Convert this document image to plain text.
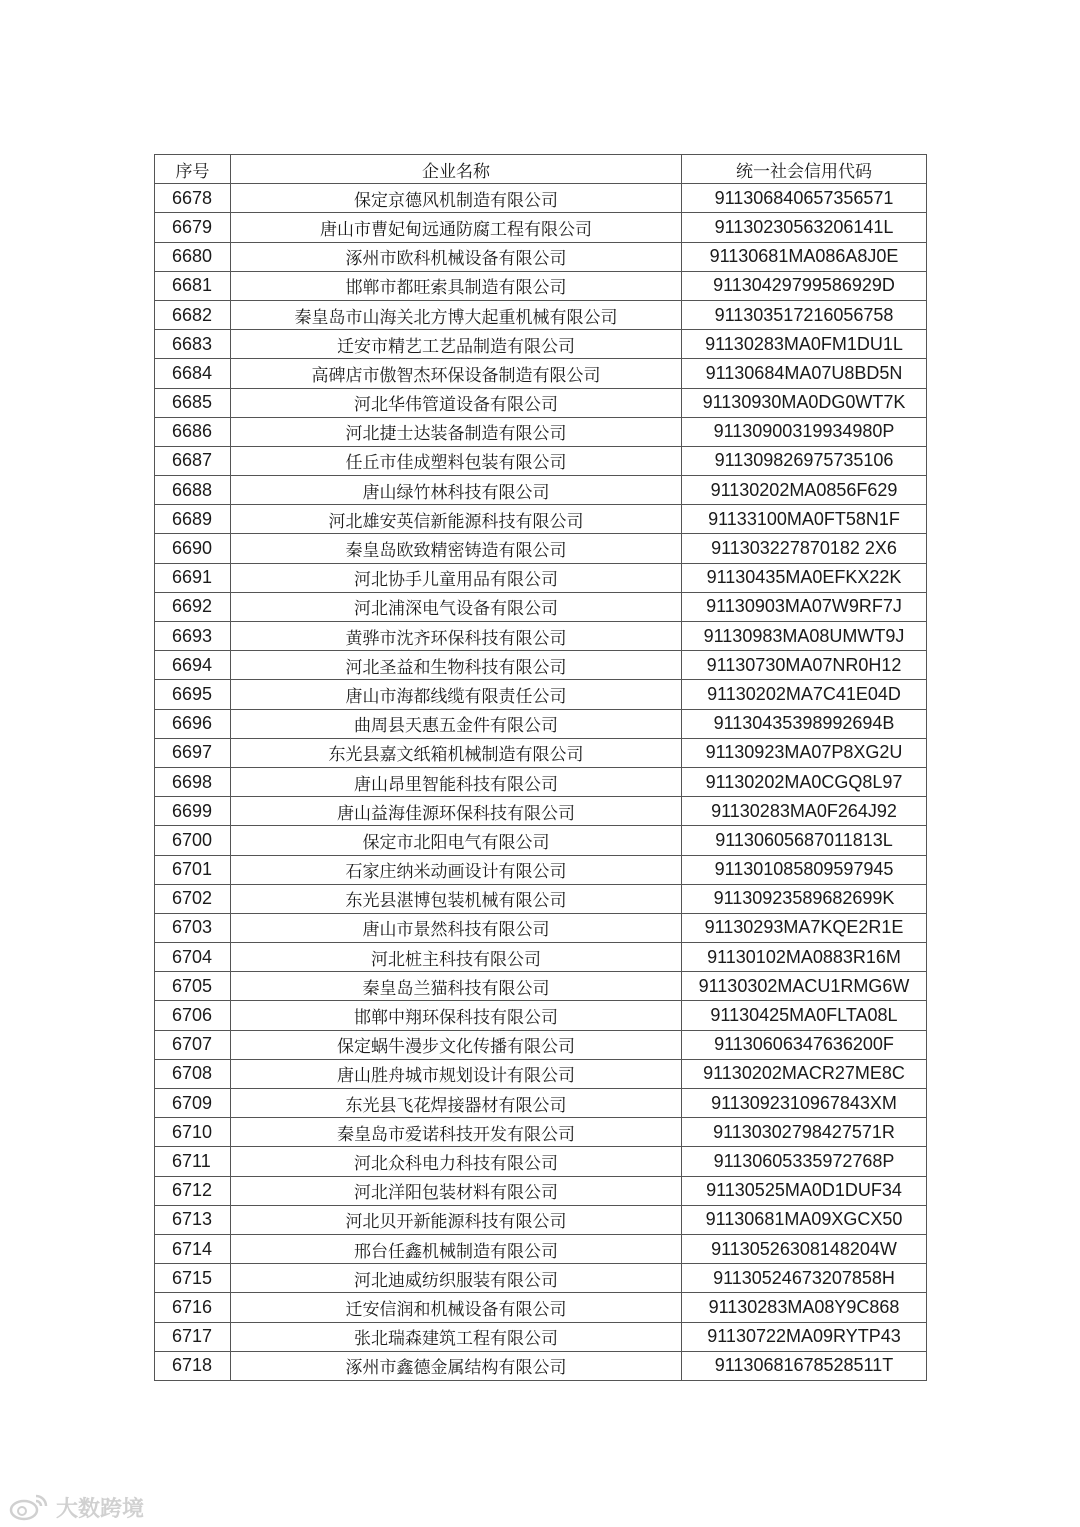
序号	企业名称	统一社会信用代码
6678	保定京德风机制造有限公司	911306840657356571
6679	唐山市曹妃甸远通防腐工程有限公司	91130230563206141L
6680	涿州市欧科机械设备有限公司	91130681MA086A8J0E
6681	邯郸市都旺索具制造有限公司	91130429799586929D
6682	秦皇岛市山海关北方博大起重机械有限公司	911303517216056758
6683	迁安市精艺工艺品制造有限公司	91130283MA0FM1DU1L
6684	高碑店市傲智杰环保设备制造有限公司	91130684MA07U8BD5N
6685	河北华伟管道设备有限公司	91130930MA0DG0WT7K
6686	河北捷士达装备制造有限公司	91130900319934980P
6687	任丘市佳成塑料包装有限公司	911309826975735106
6688	唐山绿竹林科技有限公司	91130202MA0856F629
6689	河北雄安英信新能源科技有限公司	91133100MA0FT58N1F
6690	秦皇岛欧致精密铸造有限公司	911303227870182 2X6
6691	河北协手儿童用品有限公司	91130435MA0EFKX22K
6692	河北浦深电气设备有限公司	91130903MA07W9RF7J
6693	黄骅市沈齐环保科技有限公司	91130983MA08UMWT9J
6694	河北圣益和生物科技有限公司	91130730MA07NR0H12
6695	唐山市海都线缆有限责任公司	91130202MA7C41E04D
6696	曲周县天惠五金件有限公司	91130435398992694B
6697	东光县嘉文纸箱机械制造有限公司	91130923MA07P8XG2U
6698	唐山昂里智能科技有限公司	91130202MA0CGQ8L97
6699	唐山益海佳源环保科技有限公司	91130283MA0F264J92
6700	保定市北阳电气有限公司	91130605687011813L
6701	石家庄纳米动画设计有限公司	911301085809597945
6702	东光县湛博包装机械有限公司	91130923589682699K
6703	唐山市景然科技有限公司	91130293MA7KQE2R1E
6704	河北桩主科技有限公司	91130102MA0883R16M
6705	秦皇岛兰猫科技有限公司	91130302MACU1RMG6W
6706	邯郸中翔环保科技有限公司	91130425MA0FLTA08L
6707	保定蜗牛漫步文化传播有限公司	91130606347636200F
6708	唐山胜舟城市规划设计有限公司	91130202MACR27ME8C
6709	东光县飞花焊接器材有限公司	9113092310967843XM
6710	秦皇岛市爱诺科技开发有限公司	91130302798427571R
6711	河北众科电力科技有限公司	91130605335972768P
6712	河北洋阳包装材料有限公司	91130525MA0D1DUF34
6713	河北贝开新能源科技有限公司	91130681MA09XGCX50
6714	邢台任鑫机械制造有限公司	91130526308148204W
6715	河北迪威纺织服装有限公司	91130524673207858H
6716	迁安信润和机械设备有限公司	91130283MA08Y9C868
6717	张北瑞森建筑工程有限公司	91130722MA09RYTP43
6718	涿州市鑫德金属结构有限公司	91130681678528511T
大数跨境
